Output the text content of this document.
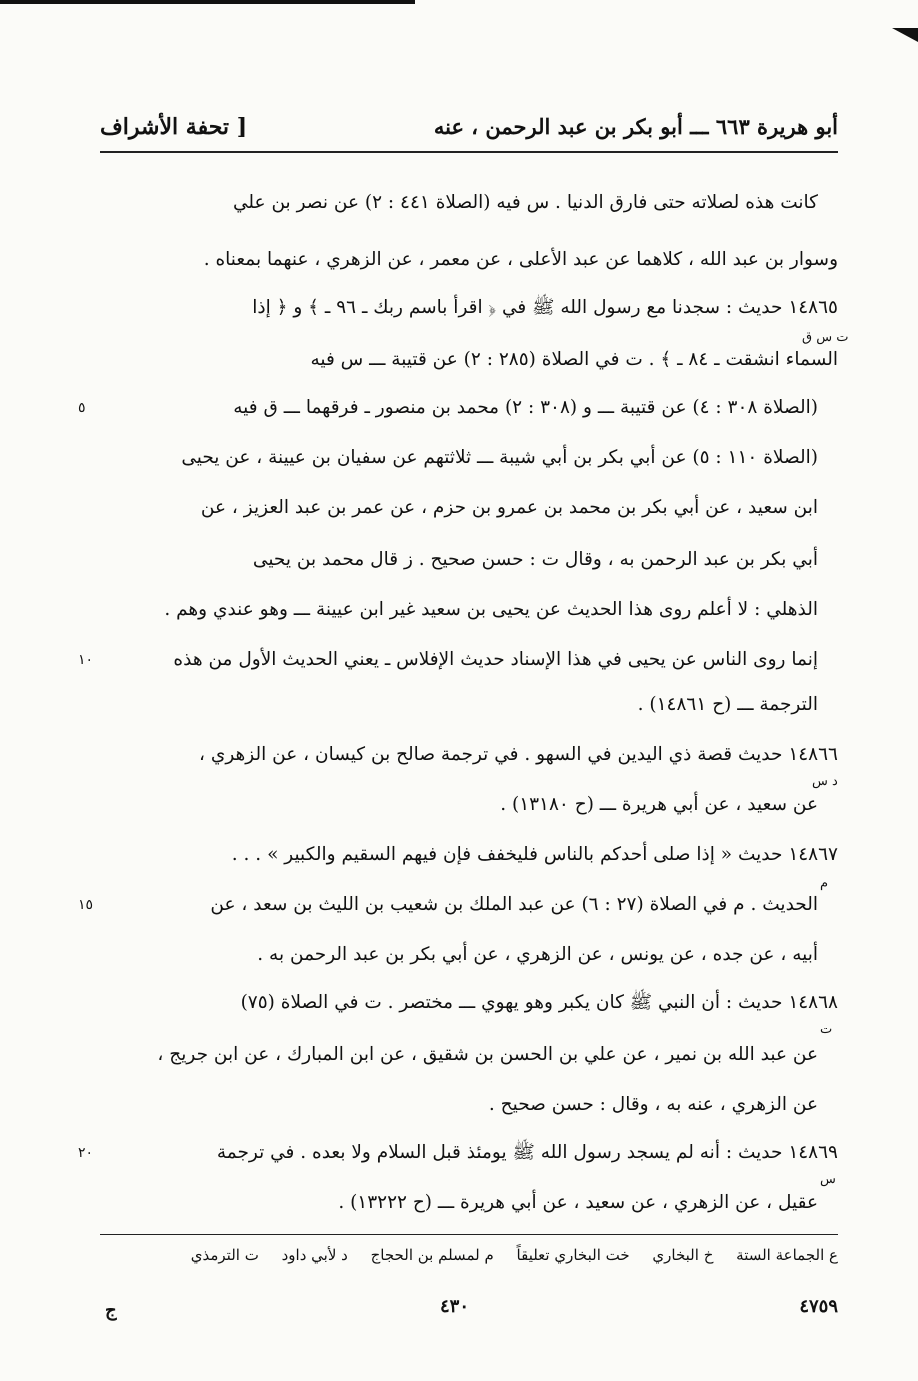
أبو هريرة ٦٦٣ ـــ أبو بكر بن عبد الرحمن ، عنه
[ تحفة الأشراف
كانت هذه لصلاته حتى فارق الدنيا . س فيه (الصلاة ٤٤١ : ٢) عن نصر بن علي
وسوار بن عبد الله ، كلاهما عن عبد الأعلى ، عن معمر ، عن الزهري ، عنهما بمعناه .
١٤٨٦٥ حديث : سجدنا مع رسول الله ﷺ في ﴿ اقرأ باسم ربك ـ ٩٦ ـ ﴾ و ﴿ إذا
السماء انشقت ـ ٨٤ ـ ﴾ . ت في الصلاة (٢٨٥ : ٢) عن قتيبة ـــ س فيه
(الصلاة ٣٠٨ : ٤) عن قتيبة ـــ و (٣٠٨ : ٢) محمد بن منصور ـ فرقهما ـــ ق فيه
(الصلاة ١١٠ : ٥) عن أبي بكر بن أبي شيبة ـــ ثلاثتهم عن سفيان بن عيينة ، عن يحيى
ابن سعيد ، عن أبي بكر بن محمد بن عمرو بن حزم ، عن عمر بن عبد العزيز ، عن
أبي بكر بن عبد الرحمن به ، وقال ت : حسن صحيح . ز قال محمد بن يحيى
الذهلي : لا أعلم روى هذا الحديث عن يحيى بن سعيد غير ابن عيينة ـــ وهو عندي وهم .
إنما روى الناس عن يحيى في هذا الإسناد حديث الإفلاس ـ يعني الحديث الأول من هذه
الترجمة ـــ (ح ١٤٨٦١) .
١٤٨٦٦ حديث قصة ذي اليدين في السهو . في ترجمة صالح بن كيسان ، عن الزهري ،
عن سعيد ، عن أبي هريرة ـــ (ح ١٣١٨٠) .
١٤٨٦٧ حديث « إذا صلى أحدكم بالناس فليخفف فإن فيهم السقيم والكبير » . . .
الحديث . م في الصلاة (٢٧ : ٦) عن عبد الملك بن شعيب بن الليث بن سعد ، عن
أبيه ، عن جده ، عن يونس ، عن الزهري ، عن أبي بكر بن عبد الرحمن به .
١٤٨٦٨ حديث : أن النبي ﷺ كان يكبر وهو يهوي ـــ مختصر . ت في الصلاة (٧٥)
عن عبد الله بن نمير ، عن علي بن الحسن بن شقيق ، عن ابن المبارك ، عن ابن جريج ،
عن الزهري ، عنه به ، وقال : حسن صحيح .
١٤٨٦٩ حديث : أنه لم يسجد رسول الله ﷺ يومئذ قبل السلام ولا بعده . في ترجمة
عقيل ، عن الزهري ، عن سعيد ، عن أبي هريرة ـــ (ح ١٣٢٢٢) .
ت س ق
د س
م
ت
س
٥
١٠
١٥
٢٠
ع الجماعة الستة خ البخاري خت البخاري تعليقاً م لمسلم بن الحجاج د لأبي داود ت الترمذي
٤٣٠
ج	٤٧٥٩
